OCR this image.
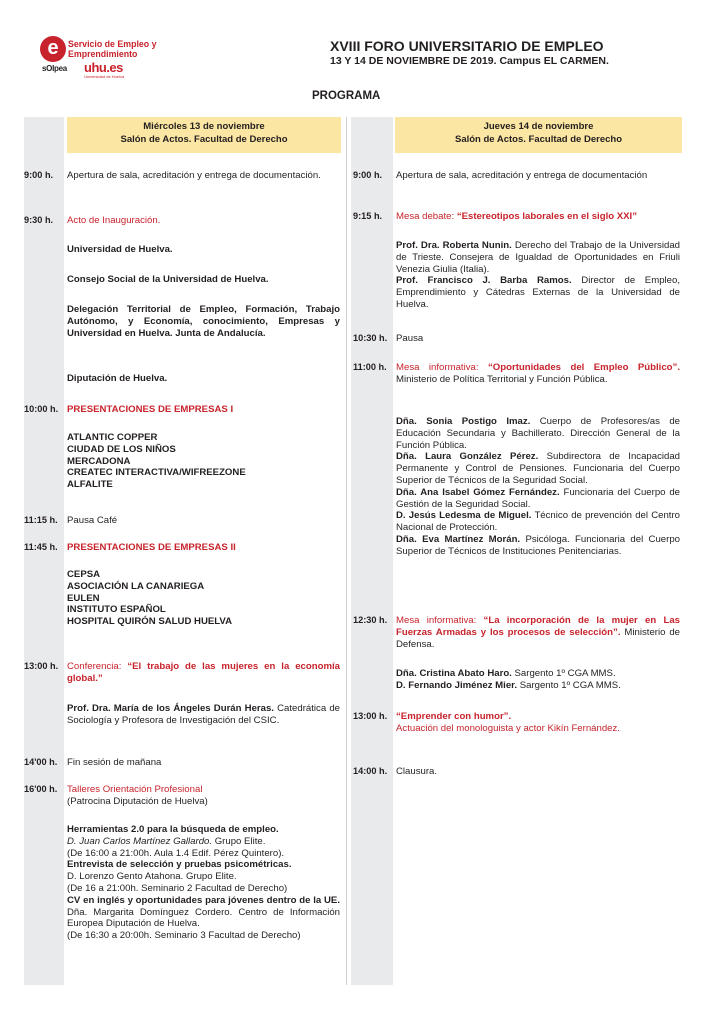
e	Servicio de Empleo y
Emprendimiento
sOIpea uhu.es
Universidad de Huelva
XVIII FORO UNIVERSITARIO DE EMPLEO
13 Y 14 DE NOVIEMBRE DE 2019. Campus EL CARMEN.
PROGRAMA
Miércoles 13 de noviembre
Salón de Actos. Facultad de Derecho
Jueves 14 de noviembre
Salón de Actos. Facultad de Derecho
9:00 h. Apertura de sala, acreditación y entrega de documentación.
9:30 h. Acto de Inauguración.
Universidad de Huelva.
Consejo Social de la Universidad de Huelva.
Delegación Territorial de Empleo, Formación, Trabajo Autónomo, y Economía, conocimiento, Empresas y Universidad en Huelva. Junta de Andalucía.
Diputación de Huelva.
10:00 h. PRESENTACIONES DE EMPRESAS I
ATLANTIC COPPER
CIUDAD DE LOS NIÑOS
MERCADONA
CREATEC INTERACTIVA/WIFREEZONE
ALFALITE
11:15 h. Pausa Café
11:45 h. PRESENTACIONES DE EMPRESAS II
CEPSA
ASOCIACIÓN LA CANARIEGA
EULEN
INSTITUTO ESPAÑOL
HOSPITAL QUIRÓN SALUD HUELVA
13:00 h. Conferencia: “El trabajo de las mujeres en la economía global.”
Prof. Dra. María de los Ángeles Durán Heras. Catedrática de Sociología y Profesora de Investigación del CSIC.
14'00 h. Fin sesión de mañana
16'00 h. Talleres Orientación Profesional
(Patrocina Diputación de Huelva)

Herramientas 2.0 para la búsqueda de empleo.

D. Juan Carlos Martínez Gallardo. Grupo Elite.

(De 16:00 a 21:00h. Aula 1.4 Edif. Pérez Quintero).

Entrevista de selección y pruebas psicométricas.

D. Lorenzo Gento Atahona. Grupo Elite.

(De 16 a 21:00h. Seminario 2 Facultad de Derecho)

CV en inglés y oportunidades para jóvenes dentro de la UE. Dña. Margarita Domínguez Cordero. Centro de Información Europea Diputación de Huelva.

(De 16:30 a 20:00h. Seminario 3 Facultad de Derecho)

9:00 h. Apertura de sala, acreditación y entrega de documentación
9:15 h. Mesa debate: “Estereotipos laborales en el siglo XXI”

Prof. Dra. Roberta Nunin. Derecho del Trabajo de la Universidad de Trieste. Consejera de Igualdad de Oportunidades en Friuli Venezia Giulia (Italia).

Prof. Francisco J. Barba Ramos. Director de Empleo, Emprendimiento y Cátedras Externas de la Universidad de Huelva.

10:30 h. Pausa
11:00 h. Mesa informativa: “Oportunidades del Empleo Público”. Ministerio de Política Territorial y Función Pública.

Dña. Sonia Postigo Imaz. Cuerpo de Profesores/as de Educación Secundaria y Bachillerato. Dirección General de la Función Pública.

Dña. Laura González Pérez. Subdirectora de Incapacidad Permanente y Control de Pensiones. Funcionaria del Cuerpo Superior de Técnicos de la Seguridad Social.

Dña. Ana Isabel Gómez Fernández. Funcionaria del Cuerpo de Gestión de la Seguridad Social.

D. Jesús Ledesma de Miguel. Técnico de prevención del Centro Nacional de Protección.

Dña. Eva Martínez Morán. Psicóloga. Funcionaria del Cuerpo Superior de Técnicos de Instituciones Penitenciarias.

12:30 h. Mesa informativa: “La incorporación de la mujer en Las Fuerzas Armadas y los procesos de selección”. Ministerio de Defensa.

Dña. Cristina Abato Haro. Sargento 1º CGA MMS.

D. Fernando Jiménez Mier. Sargento 1º CGA MMS.

13:00 h. “Emprender con humor”.
Actuación del monologuista y actor Kikín Fernández.
14:00 h. Clausura.
